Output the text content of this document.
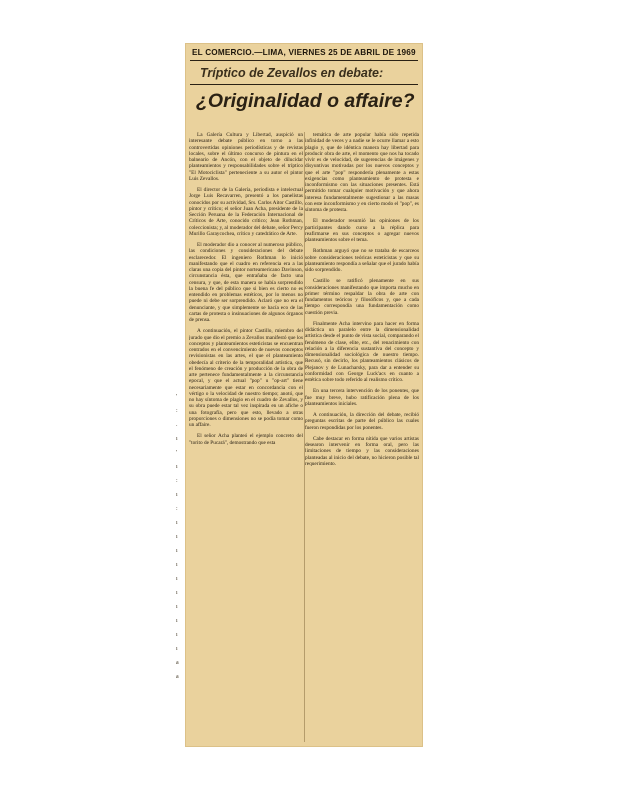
EL COMERCIO.—LIMA, VIERNES 25 DE ABRIL DE 1969
Tríptico de Zevallos en debate:
¿Originalidad o affaire?

La Galería Cultura y Libertad, auspició un interesante debate público en torno a las controvertidas opiniones periodísticas y de revistas locales, sobre el último concurso de pintura en el balneario de Ancón, con el objeto de dilucidar planteamientos y responsabilidades sobre el tríptico "El Motociclista" perteneciente a su autor el pintor Luis Zevallos.

El director de la Galería, periodista e intelectual Jorge Luis Recavarren, presentó a los panelistas conocidos por su actividad, Srs. Carlos Aitor Castillo, pintor y crítico; el señor Juan Acha, presidente de la Sección Peruana de la Federación Internacional de Críticos de Arte, conocido crítico; Jean Rothman, coleccionista; y, al moderador del debate, señor Percy Murillo Garaycochea, crítico y catedrático de Arte.

El moderador dio a conocer al numeroso público, las condiciones y consideraciones del debate esclarecedor. El ingeniero Rothman lo inició manifestando que el cuadro en referencia era a las claras una copia del pintor norteamericano Davinson, circunstancia ésta, que entrañaba de facto una censura, y que, de esta manera se había sorprendido la buena fe del público que si bien es cierto no es entendido en problemas estéticos, por lo menos no puede ni debe ser sorprendido. Aclaró que no era el denunciante, y que simplemente se hacía eco de las cartas de protesta o insinuaciones de algunos órganos de prensa.

A continuación, el pintor Castillo, miembro del jurado que dio el premio a Zevallos manifestó que los conceptos y planteamientos esteticistas se encuentran centrados en el convencimiento de nuevos conceptos revisionistas en las artes, el que el planteamiento obedecía al criterio de la temporalidad artística, que el fenómeno de creación y producción de la obra de arte pertenece fundamentalmente a la circunstancia epocal, y que el actual "pop" u "op-art" tiene necesariamente que estar en concordancia con el vértigo o la velocidad de nuestro tiempo; anotó, que no hay síntoma de plagio en el cuadro de Zevallos, y su obra puede estar tal vez inspirada en un afiche o una fotografía, pero que esto, llevado a otras proporciones o dimensiones no se podía tomar como un affaire.

El señor Acha planteó el ejemplo concreto del "torito de Pucará", demostrando que esta

temática de arte popular había sido repetida infinidad de veces y a nadie se le ocurre llamar a esto plagio y, que de idéntica manera hay libertad para producir obra de arte, el momento que nos ha tocado vivir es de velocidad, de sugerencias de imágenes y disyuntivas motivadas por los nuevos conceptos y que el arte "pop" respondería plenamente a estas exigencias como planteamiento de protesta e inconformismo con las situaciones presentes. Está permitido tomar cualquier motivación y que ahora interesa fundamentalmente sugestionar a las masas con este inconformismo y en cierto modo el "pop", es síntoma de protesta.

El moderador resumió las opiniones de los participantes dando curso a la réplica para reafirmarse en sus conceptos o agregar nuevos planteamientos sobre el tema.

Rothman arguyó que no se trataba de escarceos sobre consideraciones teóricas esteticistas y que su planteamiento respondía a señalar que el jurado había sido sorprendido.

Castillo se ratificó plenamente en sus consideraciones manifestando que importa mucho en primer término respaldar la obra de arte con fundamentos teóricos y filosóficos y, que a cada tiempo correspondía una fundamentación como cuestión previa.

Finalmente Acha intervino para hacer en forma didáctica un paralelo entre la dimensionalidad artística desde el punto de vista social, comparando el fenómeno de clase, elite, etc., del renacimiento con relación a la diferencia sustantiva del concepto y dimensionalidad sociológica de nuestro tiempo. Recusó, sin decirlo, los planteamientos clásicos de Plejanov y de Lunacharsky, para dar a entender su conformidad con George Luck'acs en cuanto a estética sobre todo referido al realismo crítico.

En una tercera intervención de los ponentes, que fue muy breve, hubo ratificación plena de los planteamientos iniciales.

A continuación, la dirección del debate, recibió preguntas escritas de parte del público las cuales fueron respondidas por los ponentes.

Cabe destacar en forma nítida que varios artistas desearon intervenir en forma oral, pero las limitaciones de tiempo y las consideraciones planteadas al inicio del debate, no hicieron posible tal requerimiento.

'
:
.
ı
'
ı
:
ı
:
ı
ı
ı
ı
ı
ı
ı
ı
ı
ı
a
a
